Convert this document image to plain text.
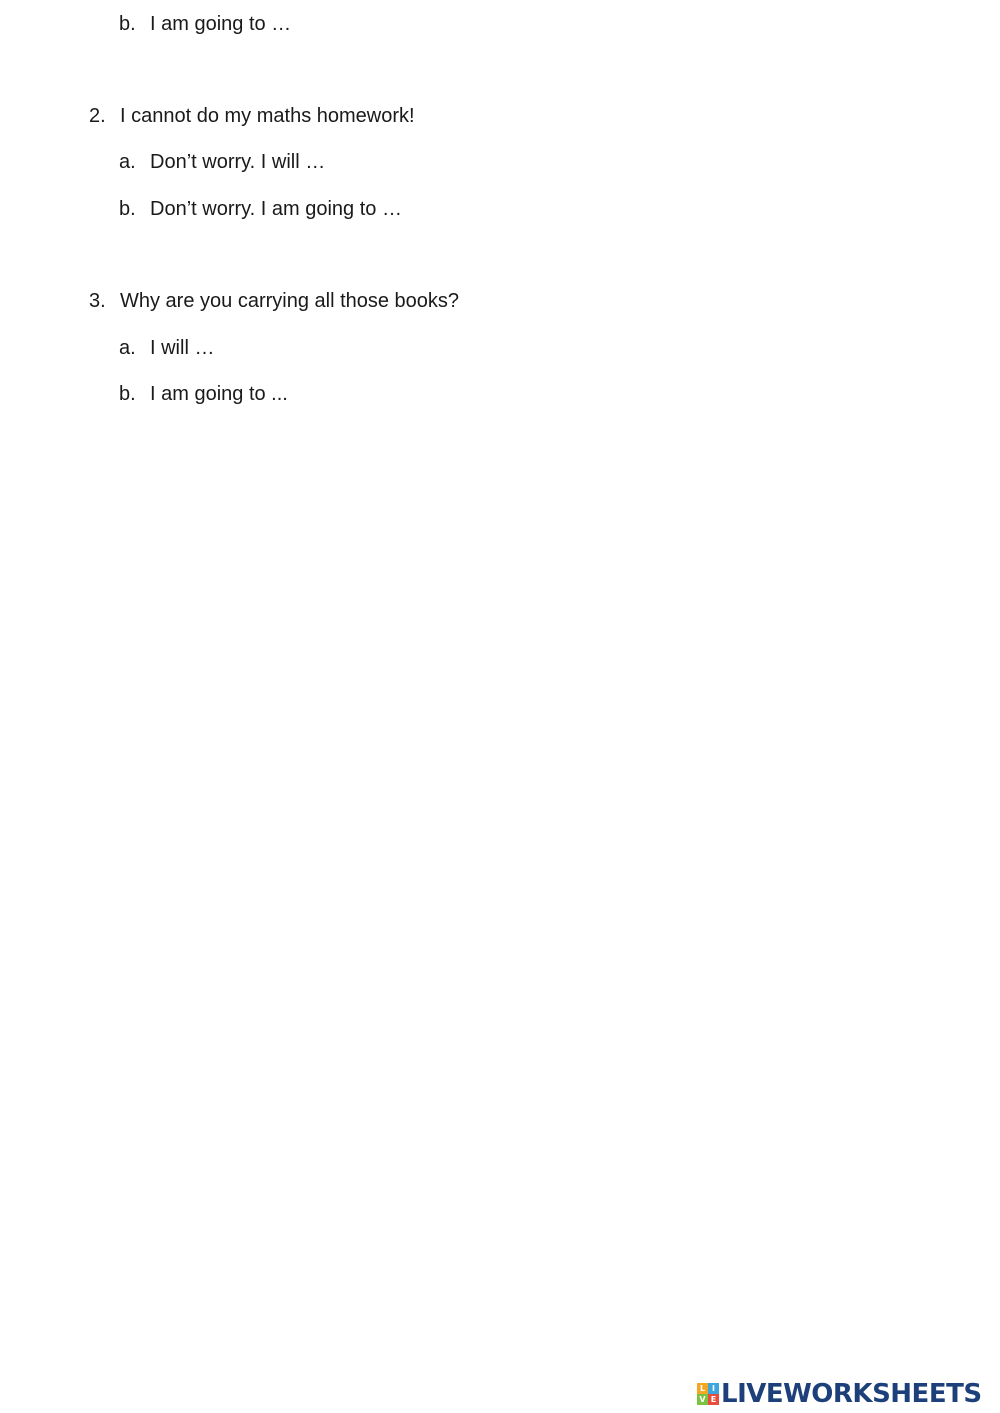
b. I am going to …
2. I cannot do my maths homework!
a. Don’t worry. I will …
b. Don’t worry. I am going to …
3. Why are you carrying all those books?
a. I will …
b. I am going to ...
L I
V E LIVEWORKSHEETS
